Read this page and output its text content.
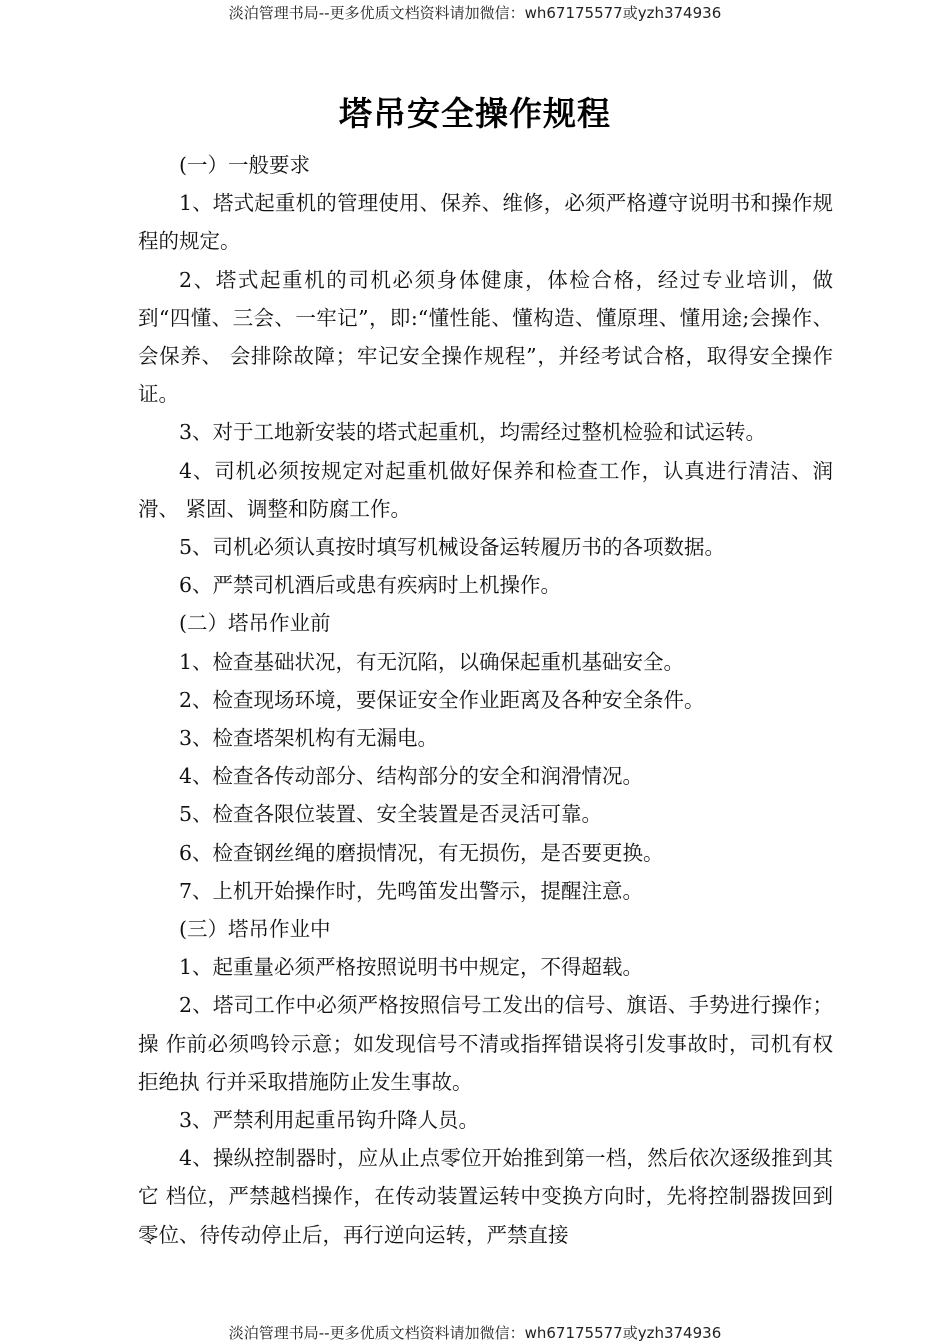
淡泊管理书局--更多优质文档资料请加微信：wh67175577或yzh374936
塔吊安全操作规程

(一）一般要求

1、塔式起重机的管理使用、保养、维修，必须严格遵守说明书和操作规程的规定。

2、塔式起重机的司机必须身体健康，体检合格，经过专业培训，做到“四懂、三会、一牢记”，即:“懂性能、懂构造、懂原理、懂用途;会操作、会保养、 会排除故障；牢记安全操作规程”，并经考试合格，取得安全操作证。

3、对于工地新安装的塔式起重机，均需经过整机检验和试运转。

4、司机必须按规定对起重机做好保养和检查工作，认真进行清洁、润滑、 紧固、调整和防腐工作。

5、司机必须认真按时填写机械设备运转履历书的各项数据。

6、严禁司机酒后或患有疾病时上机操作。

(二）塔吊作业前

1、检查基础状况，有无沉陷，以确保起重机基础安全。

2、检查现场环境，要保证安全作业距离及各种安全条件。

3、检查塔架机构有无漏电。

4、检查各传动部分、结构部分的安全和润滑情况。

5、检查各限位装置、安全装置是否灵活可靠。

6、检查钢丝绳的磨损情况，有无损伤，是否要更换。

7、上机开始操作时，先鸣笛发出警示，提醒注意。

(三）塔吊作业中

1、起重量必须严格按照说明书中规定，不得超载。

2、塔司工作中必须严格按照信号工发出的信号、旗语、手势进行操作；操 作前必须鸣铃示意；如发现信号不清或指挥错误将引发事故时，司机有权拒绝执 行并采取措施防止发生事故。

3、严禁利用起重吊钩升降人员。

4、操纵控制器时，应从止点零位开始推到第一档，然后依次逐级推到其它 档位，严禁越档操作，在传动装置运转中变换方向时，先将控制器拨回到零位、待传动停止后，再行逆向运转，严禁直接

淡泊管理书局--更多优质文档资料请加微信：wh67175577或yzh374936
